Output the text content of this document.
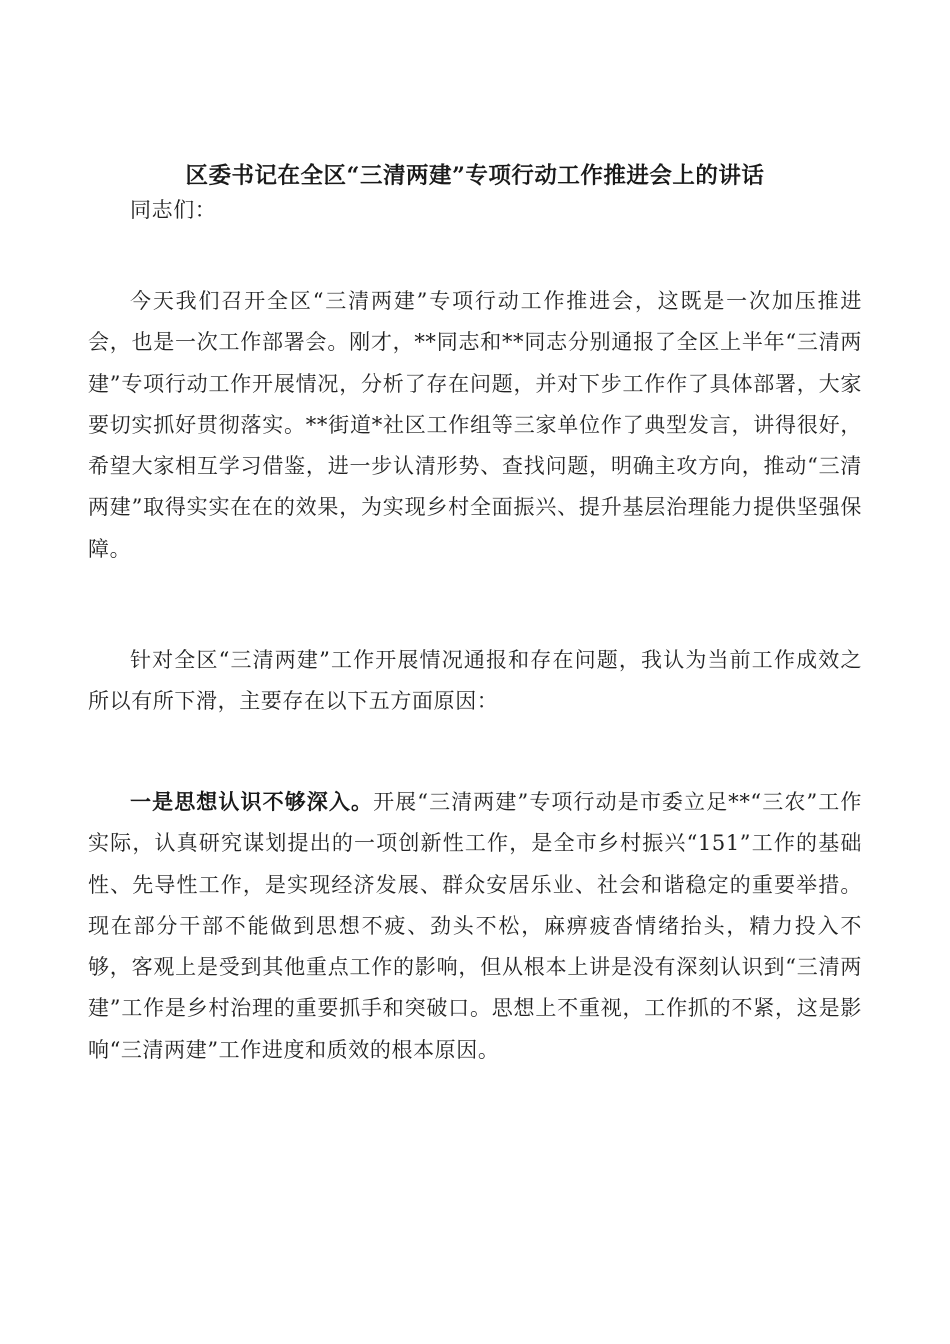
区委书记在全区“三清两建”专项行动工作推进会上的讲话

同志们：

今天我们召开全区“三清两建”专项行动工作推进会，这既是一次加压推进会，也是一次工作部署会。刚才，**同志和**同志分别通报了全区上半年“三清两建”专项行动工作开展情况，分析了存在问题，并对下步工作作了具体部署，大家要切实抓好贯彻落实。**街道*社区工作组等三家单位作了典型发言，讲得很好，希望大家相互学习借鉴，进一步认清形势、查找问题，明确主攻方向，推动“三清两建”取得实实在在的效果，为实现乡村全面振兴、提升基层治理能力提供坚强保障。

针对全区“三清两建”工作开展情况通报和存在问题，我认为当前工作成效之所以有所下滑，主要存在以下五方面原因：

一是思想认识不够深入。开展“三清两建”专项行动是市委立足**“三农”工作实际，认真研究谋划提出的一项创新性工作，是全市乡村振兴“151”工作的基础性、先导性工作，是实现经济发展、群众安居乐业、社会和谐稳定的重要举措。现在部分干部不能做到思想不疲、劲头不松，麻痹疲沓情绪抬头，精力投入不够，客观上是受到其他重点工作的影响，但从根本上讲是没有深刻认识到“三清两建”工作是乡村治理的重要抓手和突破口。思想上不重视，工作抓的不紧，这是影响“三清两建”工作进度和质效的根本原因。
